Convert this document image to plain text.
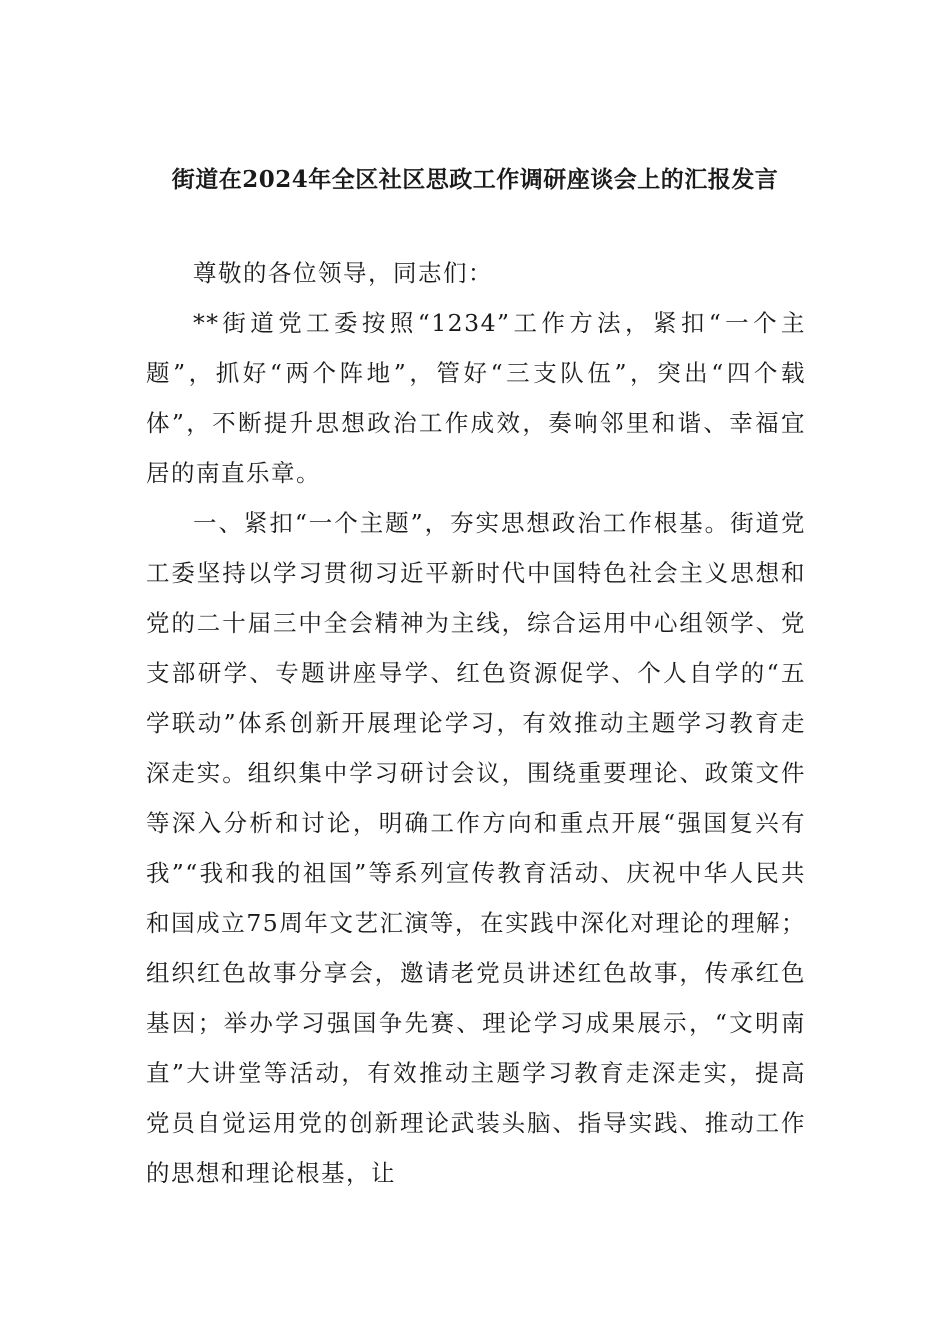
街道在2024年全区社区思政工作调研座谈会上的汇报发言

尊敬的各位领导，同志们：

**街道党工委按照“1234”工作方法，紧扣“一个主题”，抓好“两个阵地”，管好“三支队伍”，突出“四个载体”，不断提升思想政治工作成效，奏响邻里和谐、幸福宜居的南直乐章。

一、紧扣“一个主题”，夯实思想政治工作根基。街道党工委坚持以学习贯彻习近平新时代中国特色社会主义思想和党的二十届三中全会精神为主线，综合运用中心组领学、党支部研学、专题讲座导学、红色资源促学、个人自学的“五学联动”体系创新开展理论学习，有效推动主题学习教育走深走实。组织集中学习研讨会议，围绕重要理论、政策文件等深入分析和讨论，明确工作方向和重点开展“强国复兴有我”“我和我的祖国”等系列宣传教育活动、庆祝中华人民共和国成立75周年文艺汇演等，在实践中深化对理论的理解；组织红色故事分享会，邀请老党员讲述红色故事，传承红色基因；举办学习强国争先赛、理论学习成果展示，“文明南直”大讲堂等活动，有效推动主题学习教育走深走实，提高党员自觉运用党的创新理论武装头脑、指导实践、推动工作的思想和理论根基，让
